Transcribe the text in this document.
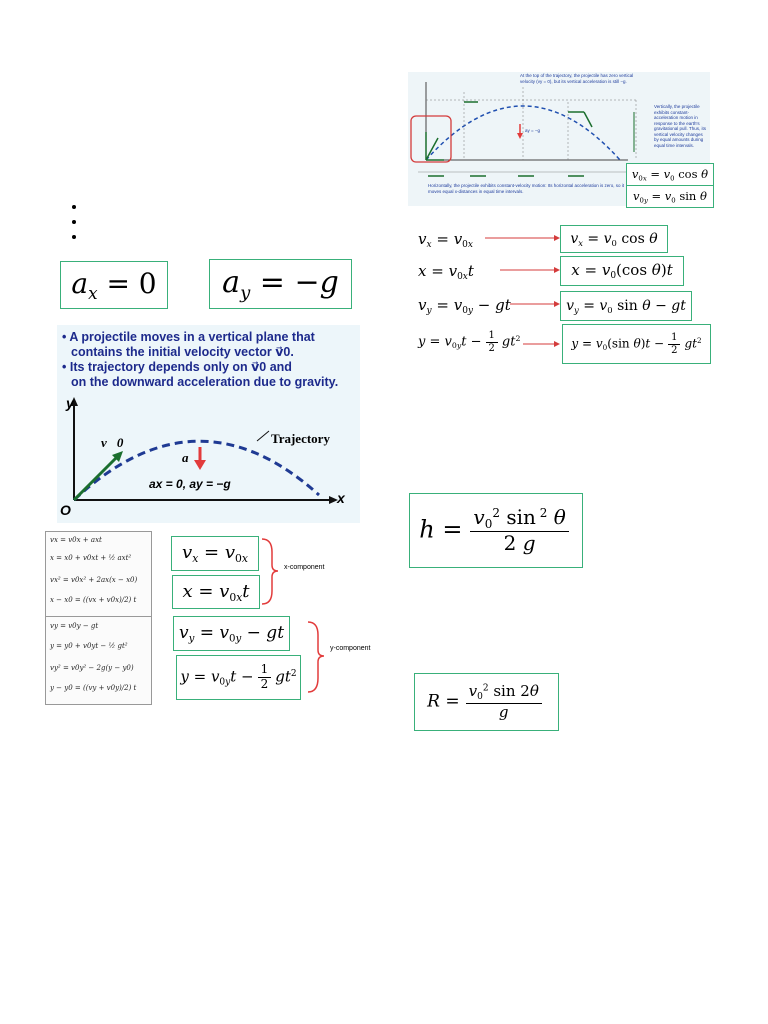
$a_x = 0$ $a_y = -g$
• A projectile moves in a vertical plane that
contains the initial velocity vector v⃗0.
• Its trajectory depends only on v⃗0 and
on the downward acceleration due to gravity.
y
x
O
v⃗0
a⃗
Trajectory
ax = 0, ay = −g
vx = v0x + axt
x = x0 + v0xt + ½ axt²
vx² = v0x² + 2ax(x − x0)
x − x0 = ((vx + v0x)/2) t
vy = v0y − gt
y = y0 + v0yt − ½ gt²
vy² = v0y² − 2g(y − y0)
y − y0 = ((vy + v0y)/2) t
$v_x = v_{0x}$
$x = v_{0x}t$
x-component
$v_y = v_{0y}$ − gt
$y = v_{0y}t - \frac{1}{2} gt^2$
y-component
At the top of the trajectory, the projectile has zero vertical velocity (vy = 0), but its vertical acceleration is still −g.
Vertically, the projectile exhibits constant-acceleration motion in response to the earth's gravitational pull. Thus, its vertical velocity changes by equal amounts during equal time intervals.
Horizontally, the projectile exhibits constant-velocity motion: Its horizontal acceleration is zero, so it moves equal x-distances in equal time intervals.
ay = −g
$v_{0x} = v_0$ cos θ
$v_{0y} = v_0$ sin θ
$v_x = v_{0x}$
$x = v_{0x}t$
$v_y = v_{0y}$ − gt
$y = v_{0y}t - \frac{1}{2} gt^2$
$v_x = v_0$ cos θ
$x = v_0(\cos$ θ)t
$v_y = v_0$ sin θ − gt
$y = v_0(\sin$ $\theta)t - \frac{1}{2} gt^2$
$h = \frac{v_0^2 \sin ^2 \theta}{2 g}$
$R = \frac{v_0^2 \sin 2\theta}{g}$
